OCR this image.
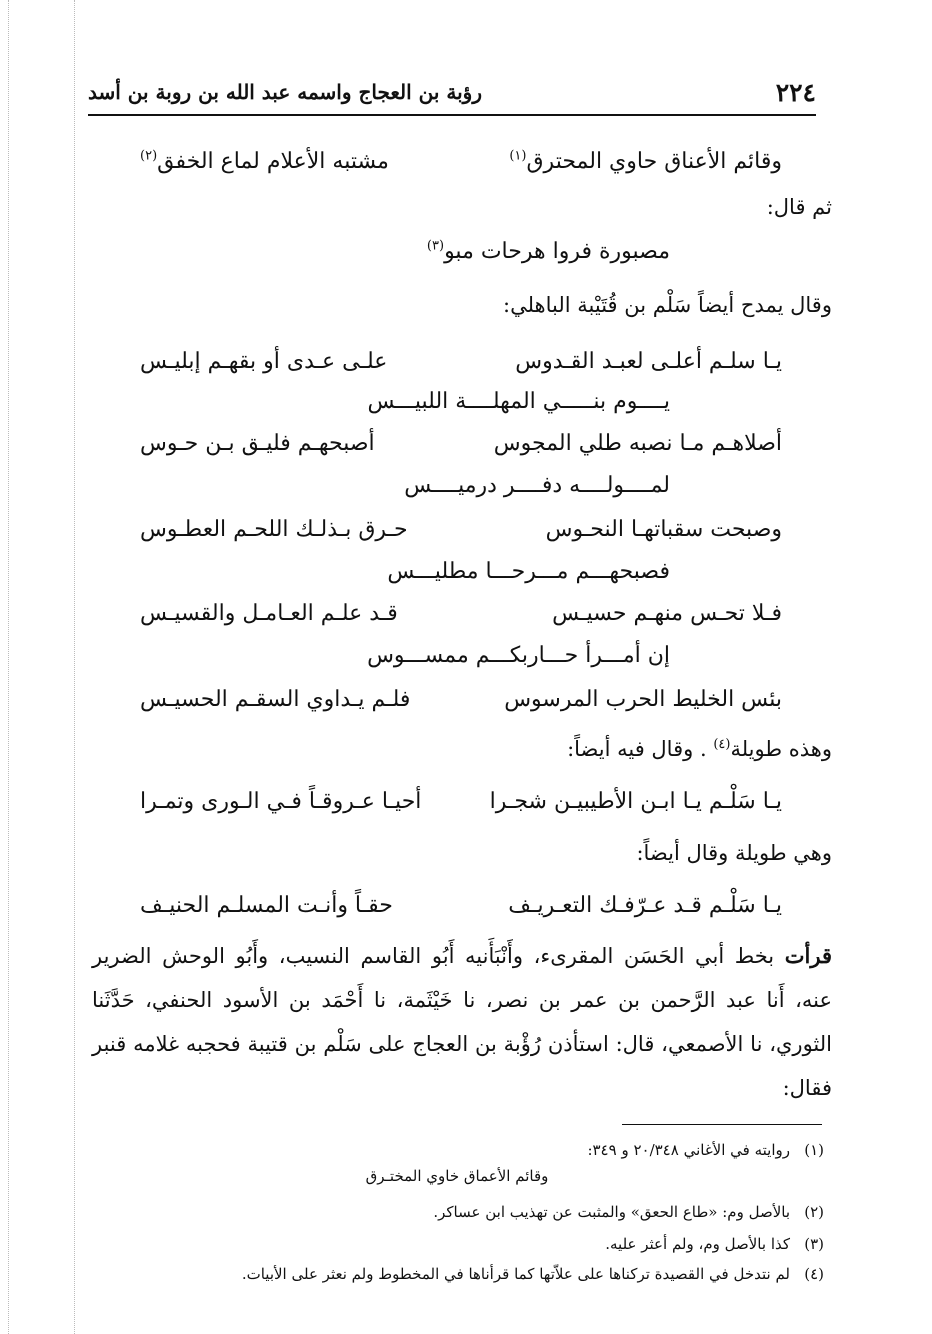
٢٢٤
رؤبة بن العجاج واسمه عبد الله بن روبة بن أسد
وقائم الأعناق حاوي المحترق$^{(١)}$
مشتبه الأعلام لماع الخفق$^{(٢)}$
ثم قال:
مصبورة فروا هرحات مبو$^{(٣)}$
وقال يمدح أيضاً سَلْم بن قُتَيْبة الباهلي:
يـا سلـم أعلـى لعبـد القـدوس
علـى عـدى أو بقهـم إبليـس
يــــوم بنـــــي المهلــــة اللبيـــس
أصلاهـم مـا نصبه طلي المجوس
أصبحهـم فليـق بـن حـوس
لمــــولــــه دفــــر درميــــس
وصبحت سقباتهـا النحـوس
حـرق بـذلـك اللحـم العطـوس
فصبحهـــم مـــرحـــا مطليـــس
فـلا تحـس منهـم حسيـس
قـد علـم العـامـل والقسيـس
إن أمـــرأ حـــاربكـــم ممســـوس
بئس الخليط الحرب المرسوس
فلـم يـداوي السقـم الحسيـس
وهذه طويلة$^{(٤)}$ . وقال فيه أيضاً:
يـا سَلْـم يـا ابـن الأطيبيـن شجـرا
أحيـا عـروقـاً فـي الـورى وتمـرا
وهي طويلة وقال أيضاً:
يـا سَلْـم قـد عـرّفـك التعـريـف
حقـاً وأنـت المسلـم الحنيـف
قرأت بخط أبي الحَسَن المقرىء، وأَنْبَأَنيه أَبُو القاسم النسيب، وأَبُو الوحش الضرير عنه، أَنا عبد الرَّحمن بن عمر بن نصر، نا خَيْثَمة، نا أَحْمَد بن الأسود الحنفي، حَدَّثَنا الثوري، نا الأصمعي، قال: استأذن رُؤْبة بن العجاج على سَلْم بن قتيبة فحجبه غلامه قنبر فقال:
(١)روايته في الأغاني ٢٠/٣٤٨ و ٣٤٩:
وقائم الأعماق خاوي المختـرق
(٢)بالأصل وم: «طاع الحعق» والمثبت عن تهذيب ابن عساكر.
(٣)كذا بالأصل وم، ولم أعثر عليه.
(٤)لم نتدخل في القصيدة تركناها على علاّتها كما قرأناها في المخطوط ولم نعثر على الأبيات.
